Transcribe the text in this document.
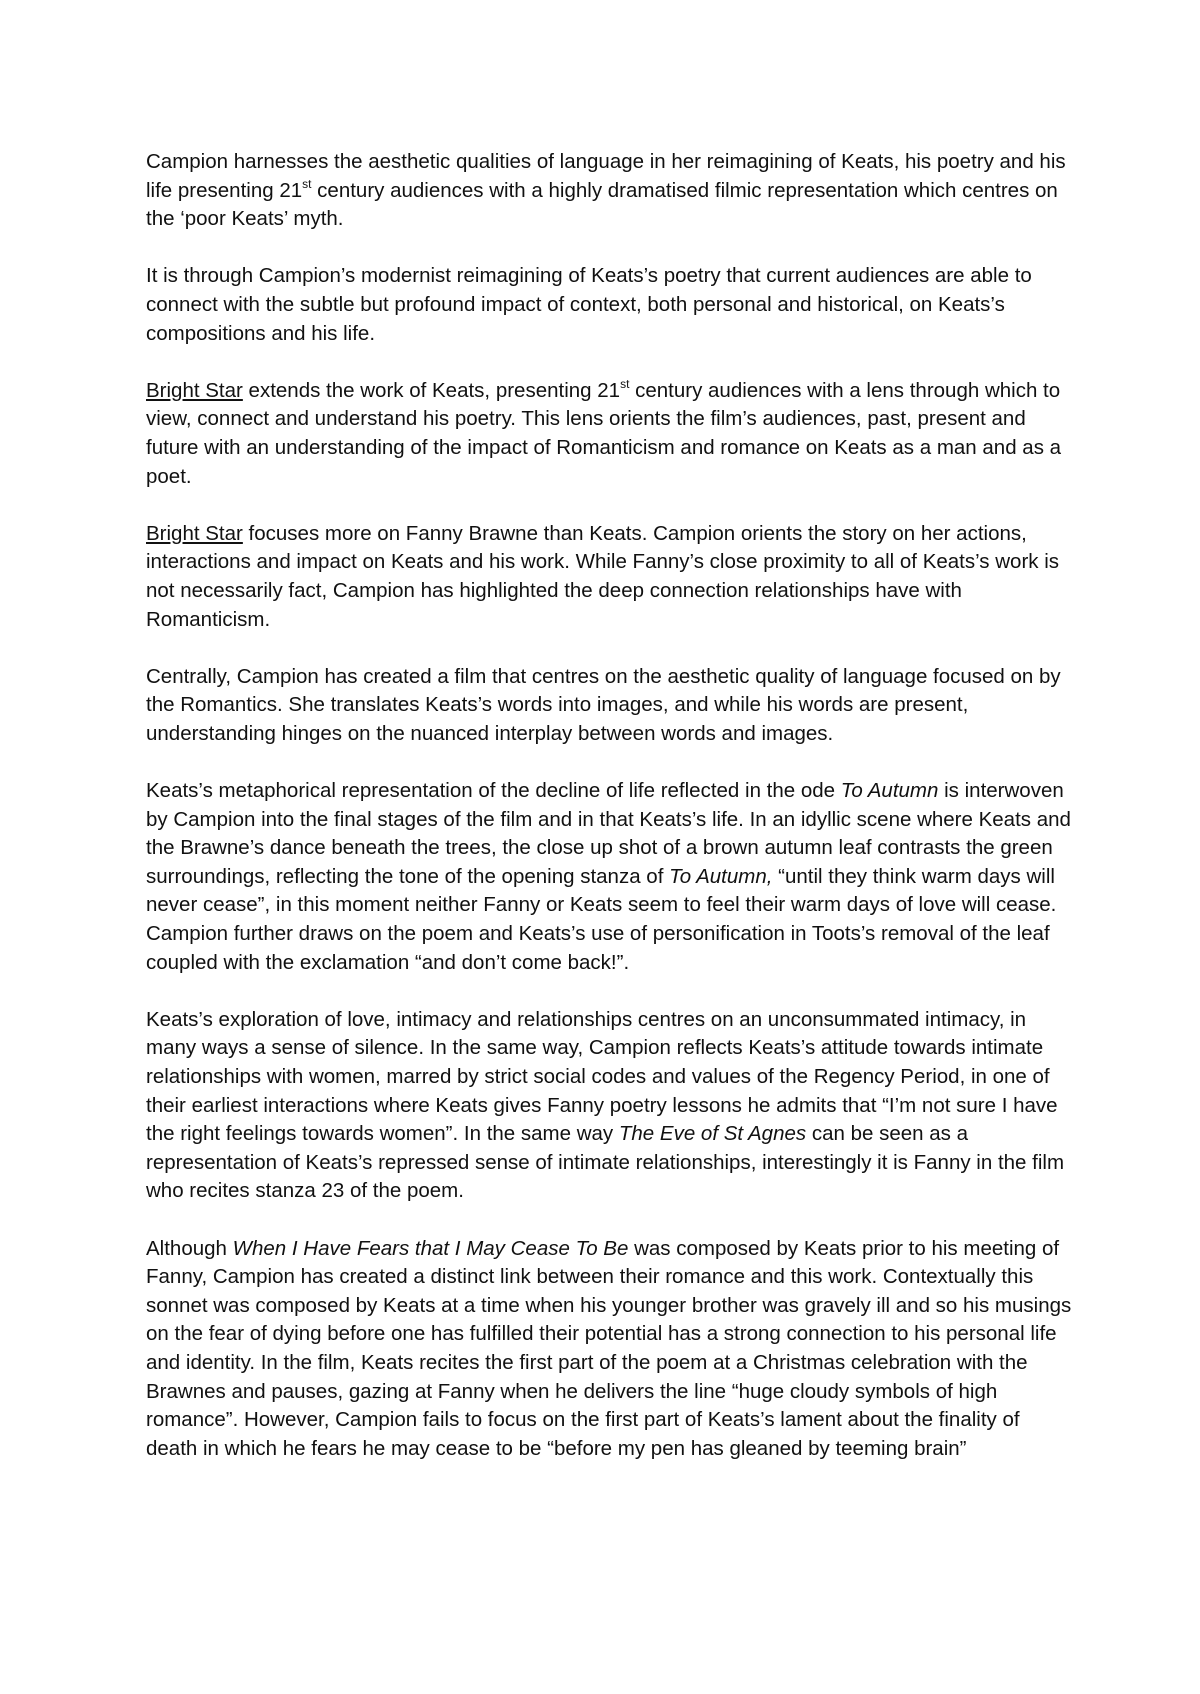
Campion harnesses the aesthetic qualities of language in her reimagining of Keats, his poetry and his life presenting 21st century audiences with a highly dramatised filmic representation which centres on the ‘poor Keats’ myth.

It is through Campion’s modernist reimagining of Keats’s poetry that current audiences are able to connect with the subtle but profound impact of context, both personal and historical, on Keats’s compositions and his life.

Bright Star extends the work of Keats, presenting 21st century audiences with a lens through which to view, connect and understand his poetry. This lens orients the film’s audiences, past, present and future with an understanding of the impact of Romanticism and romance on Keats as a man and as a poet.

Bright Star focuses more on Fanny Brawne than Keats. Campion orients the story on her actions, interactions and impact on Keats and his work. While Fanny’s close proximity to all of Keats’s work is not necessarily fact, Campion has highlighted the deep connection relationships have with Romanticism.

Centrally, Campion has created a film that centres on the aesthetic quality of language focused on by the Romantics. She translates Keats’s words into images, and while his words are present, understanding hinges on the nuanced interplay between words and images.

Keats’s metaphorical representation of the decline of life reflected in the ode To Autumn is interwoven by Campion into the final stages of the film and in that Keats’s life. In an idyllic scene where Keats and the Brawne’s dance beneath the trees, the close up shot of a brown autumn leaf contrasts the green surroundings, reflecting the tone of the opening stanza of To Autumn, “until they think warm days will never cease”, in this moment neither Fanny or Keats seem to feel their warm days of love will cease. Campion further draws on the poem and Keats’s use of personification in Toots’s removal of the leaf coupled with the exclamation “and don’t come back!”.

Keats’s exploration of love, intimacy and relationships centres on an unconsummated intimacy, in many ways a sense of silence. In the same way, Campion reflects Keats’s attitude towards intimate relationships with women, marred by strict social codes and values of the Regency Period, in one of their earliest interactions where Keats gives Fanny poetry lessons he admits that “I’m not sure I have the right feelings towards women”. In the same way The Eve of St Agnes can be seen as a representation of Keats’s repressed sense of intimate relationships, interestingly it is Fanny in the film who recites stanza 23 of the poem.

Although When I Have Fears that I May Cease To Be was composed by Keats prior to his meeting of Fanny, Campion has created a distinct link between their romance and this work. Contextually this sonnet was composed by Keats at a time when his younger brother was gravely ill and so his musings on the fear of dying before one has fulfilled their potential has a strong connection to his personal life and identity. In the film, Keats recites the first part of the poem at a Christmas celebration with the Brawnes and pauses, gazing at Fanny when he delivers the line “huge cloudy symbols of high romance”. However, Campion fails to focus on the first part of Keats’s lament about the finality of death in which he fears he may cease to be “before my pen has gleaned by teeming brain”
